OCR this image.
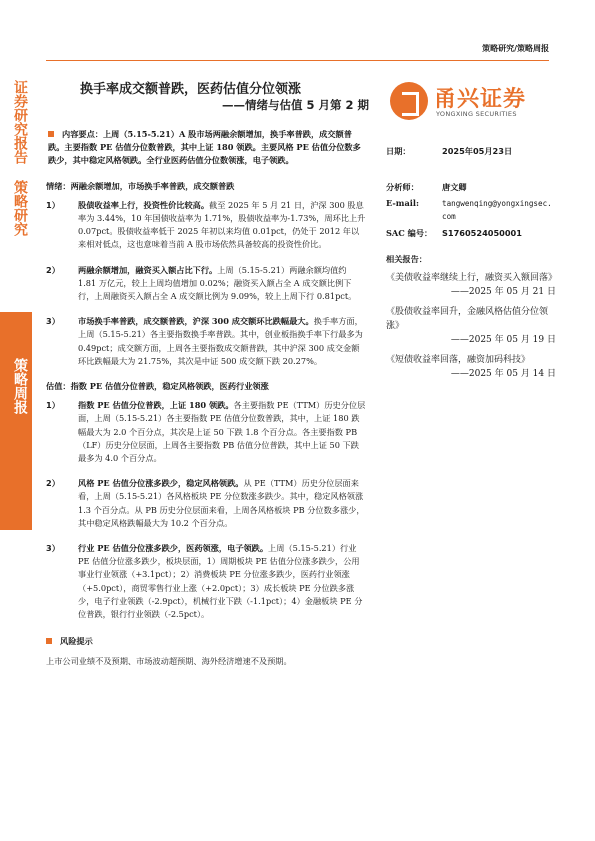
证券研究报告 策略研究
策略周报
策略研究/策略周报
换手率成交额普跌，医药估值分位领涨
——情绪与估值 5 月第 2 期	甬兴证券
YONGXING SECURITIES
内容要点：上周（5.15-5.21）A 股市场两融余额增加，换手率普跌，成交额普跌。主要指数 PE 估值分位数普跌，其中上证 180 领跌。主要风格 PE 估值分位数多跌少，其中稳定风格领跌。全行业医药估值分位数领涨，电子领跌。
情绪：两融余额增加，市场换手率普跌，成交额普跌
1） 股债收益率上行，投资性价比较高。截至 2025 年 5 月 21 日，沪深 300 股息率为 3.44%，10 年国债收益率为 1.71%，股债收益率为-1.73%，周环比上升 0.07pct。股债收益率低于 2025 年初以来均值 0.01pct，仍处于 2012 年以来相对低点，这也意味着当前 A 股市场依然具备较高的投资性价比。
2） 两融余额增加，融资买入额占比下行。上周（5.15-5.21）两融余额均值约 1.81 万亿元，较上上周均值增加 0.02%；融资买入额占全 A 成交额比例下行，上周融资买入额占全 A 成交额比例为 9.09%，较上上周下行 0.81pct。
3） 市场换手率普跌，成交额普跌，沪深 300 成交额环比跌幅最大。换手率方面，上周（5.15-5.21）各主要指数换手率普跌。其中，创业板指换手率下行最多为 0.49pct；成交额方面，上周各主要指数成交额普跌，其中沪深 300 成交金额环比跌幅最大为 21.75%，其次是中证 500 成交额下跌 20.27%。
估值：指数 PE 估值分位普跌，稳定风格领跌，医药行业领涨
1） 指数 PE 估值分位普跌，上证 180 领跌。各主要指数 PE（TTM）历史分位层面，上周（5.15-5.21）各主要指数 PE 估值分位数普跌，其中，上证 180 跌幅最大为 2.0 个百分点，其次是上证 50 下跌 1.8 个百分点。各主要指数 PB（LF）历史分位层面，上周各主要指数 PB 估值分位普跌，其中上证 50 下跌最多为 4.0 个百分点。
2） 风格 PE 估值分位涨多跌少，稳定风格领跌。从 PE（TTM）历史分位层面来看，上周（5.15-5.21）各风格板块 PE 分位数涨多跌少。其中，稳定风格领涨 1.3 个百分点。从 PB 历史分位层面来看，上周各风格板块 PB 分位数多涨少，其中稳定风格跌幅最大为 10.2 个百分点。
3） 行业 PE 估值分位涨多跌少，医药领涨，电子领跌。上周（5.15-5.21）行业 PE 估值分位涨多跌少，板块层面，1）周期板块 PE 估值分位涨多跌少，公用事业行业领涨（+3.1pct）；2）消费板块 PE 分位涨多跌少，医药行业领涨（+5.0pct），商贸零售行业上涨（+2.0pct）；3）成长板块 PE 分位跌多涨少，电子行业领跌（-2.9pct），机械行业下跌（-1.1pct）；4）金融板块 PE 分位普跌，银行行业领跌（-2.5pct）。
风险提示
上市公司业绩不及预期、市场波动超预期、海外经济增速不及预期。
日期：	2025年05月23日
分析师：	唐文卿
E-mail:	tangwenqing@yongxingsec.com
SAC 编号： S1760524050001
相关报告：
《美债收益率继续上行，融资买入额回落》
——2025 年 05 月 21 日
《股债收益率回升，金融风格估值分位领涨》
——2025 年 05 月 19 日
《短债收益率回落，融资加码科技》
——2025 年 05 月 14 日
